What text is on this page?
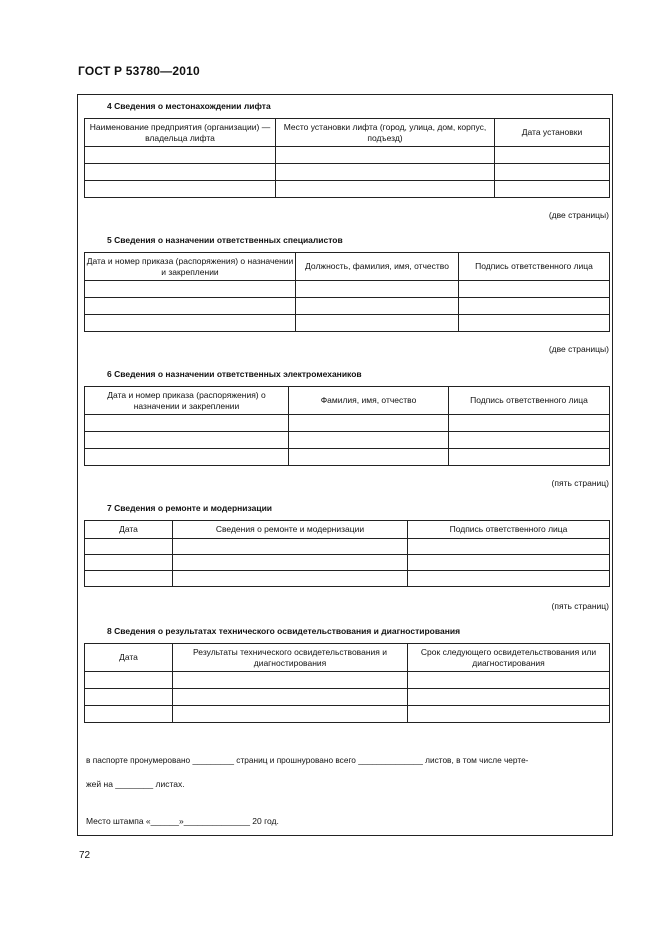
ГОСТ Р 53780—2010
4 Сведения о местонахождении лифта
Наименование предприятия (организации) — владельца лифта	Место установки лифта (город, улица, дом, корпус, подъезд)	Дата установки

(две страницы)
5 Сведения о назначении ответственных специалистов
Дата и номер приказа (распоряжения) о назначении и закреплении	Должность, фамилия, имя, отчество	Подпись ответственного лица

(две страницы)
6 Сведения о назначении ответственных электромехаников
Дата и номер приказа (распоряжения) о назначении и закреплении	Фамилия, имя, отчество	Подпись ответственного лица

(пять страниц)
7 Сведения о ремонте и модернизации
Дата	Сведения о ремонте и модернизации	Подпись ответственного лица

(пять страниц)
8 Сведения о результатах технического освидетельствования и диагностирования
Дата	Результаты технического освидетельствования и диагностирования	Срок следующего освидетельствования или диагностирования

в паспорте пронумеровано _________ страниц и прошнуровано всего ______________ листов, в том числе черте-
жей на ________ листах.
Место штампа «______»______________ 20 год.
72
